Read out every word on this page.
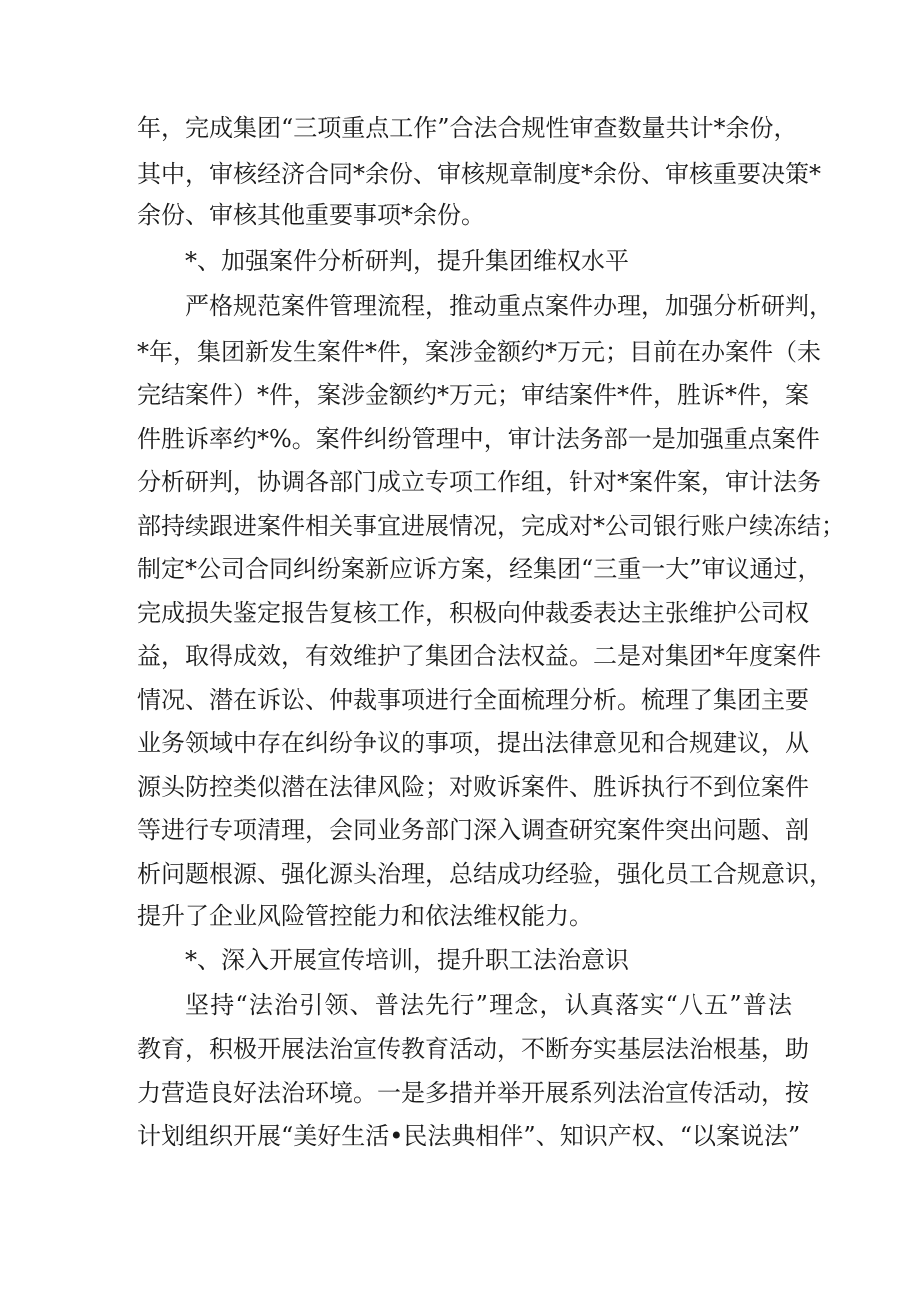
年，完成集团“三项重点工作”合法合规性审查数量共计*余份，
其中，审核经济合同*余份、审核规章制度*余份、审核重要决策*
余份、审核其他重要事项*余份。
*、加强案件分析研判，提升集团维权水平
严格规范案件管理流程，推动重点案件办理，加强分析研判，
*年，集团新发生案件*件，案涉金额约*万元；目前在办案件（未
完结案件）*件，案涉金额约*万元；审结案件*件，胜诉*件，案
件胜诉率约*%。案件纠纷管理中，审计法务部一是加强重点案件
分析研判，协调各部门成立专项工作组，针对*案件案，审计法务
部持续跟进案件相关事宜进展情况，完成对*公司银行账户续冻结；
制定*公司合同纠纷案新应诉方案，经集团“三重一大”审议通过，
完成损失鉴定报告复核工作，积极向仲裁委表达主张维护公司权
益，取得成效，有效维护了集团合法权益。二是对集团*年度案件
情况、潜在诉讼、仲裁事项进行全面梳理分析。梳理了集团主要
业务领域中存在纠纷争议的事项，提出法律意见和合规建议，从
源头防控类似潜在法律风险；对败诉案件、胜诉执行不到位案件
等进行专项清理，会同业务部门深入调查研究案件突出问题、剖
析问题根源、强化源头治理，总结成功经验，强化员工合规意识，
提升了企业风险管控能力和依法维权能力。
*、深入开展宣传培训，提升职工法治意识
坚持“法治引领、普法先行”理念，认真落实“八五”普法
教育，积极开展法治宣传教育活动，不断夯实基层法治根基，助
力营造良好法治环境。一是多措并举开展系列法治宣传活动，按
计划组织开展“美好生活•民法典相伴”、知识产权、“以案说法”
